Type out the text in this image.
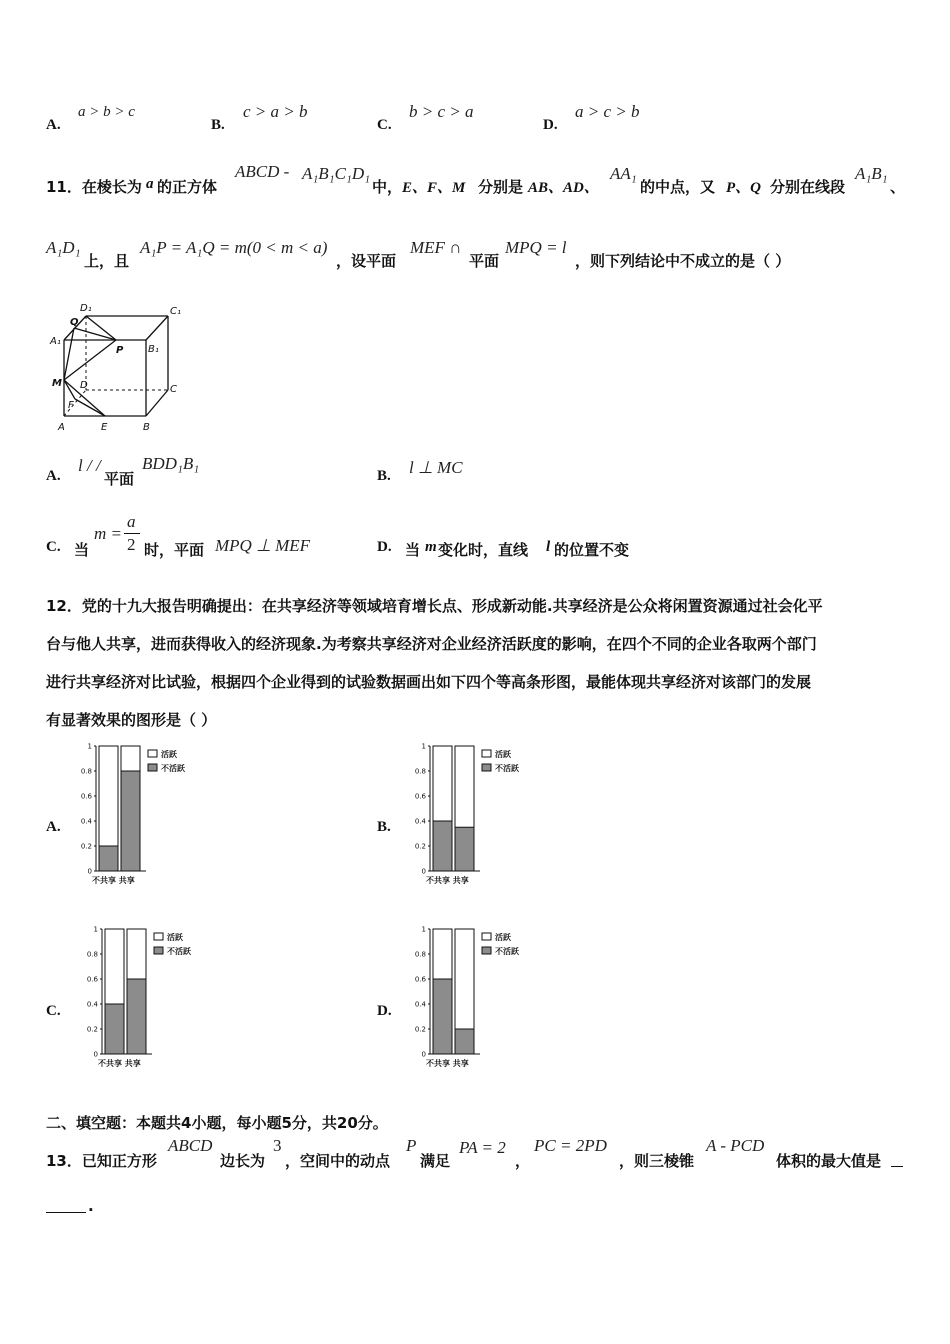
A.
a > b > c
B.
c > a > b
C.
b > c > a
D.
a > c > b
11．在棱长为 a 的正方体
ABCD - A₁B₁C₁D₁
中， E、F、M 分别是 AB、AD、
AA₁
的中点，又 P、Q 分别在线段
A₁B₁
、
A₁D₁
上，且
A₁P = A₁Q = m(0 < m < a)
，设平面
MEF ∩
平面
MPQ = l
，则下列结论中不成立的是（ ）
D₁	C₁
Q
A₁
P B₁
M D	C
F
A	E	B
A.
l / /
平面
BDD₁B₁
B. l ⊥ MC
C. 当
m =
a
2 时，平面 MPQ ⊥ MEF	D. 当 m 变化时，直线 l 的位置不变
12．党的十九大报告明确提出：在共享经济等领域培育增长点、形成新动能.共享经济是公众将闲置资源通过社会化平
台与他人共享，进而获得收入的经济现象.为考察共享经济对企业经济活跃度的影响，在四个不同的企业各取两个部门
进行共享经济对比试验，根据四个企业得到的试验数据画出如下四个等高条形图，最能体现共享经济对该部门的发展
有显著效果的图形是（ ）
A.	B.
C.	D.
0
0.2
0.4
0.6
0.8
1
不共享 共享
活跃
不活跃
0
0.2
0.4
0.6
0.8
1
不共享 共享
活跃
不活跃
0
0.2
0.4
0.6
0.8
1
不共享 共享
活跃
不活跃
0
0.2
0.4
0.6
0.8
1
不共享 共享
活跃
不活跃
二、填空题：本题共4小题，每小题5分，共20分。
13．已知正方形
ABCD
边长为
3
，空间中的动点
P
满足
PA = 2
，
PC = 2PD
，则三棱锥
A - PCD
体积的最大值是
.
